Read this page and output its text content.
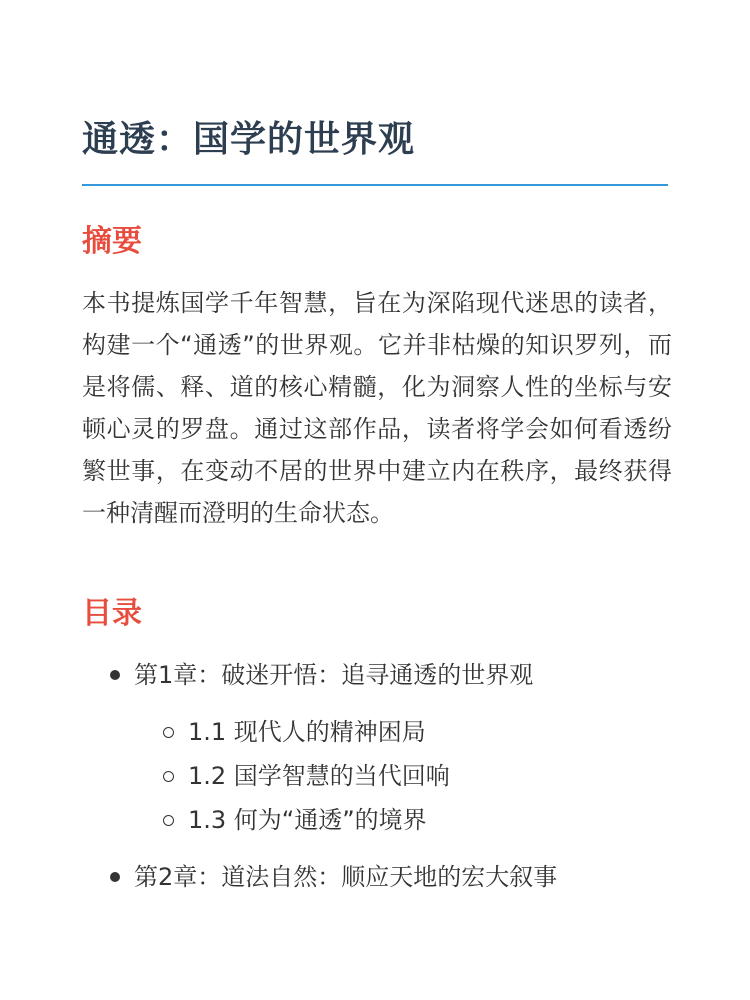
通透：国学的世界观
摘要

本书提炼国学千年智慧，旨在为深陷现代迷思的读者，构建一个“通透”的世界观。它并非枯燥的知识罗列，而是将儒、释、道的核心精髓，化为洞察人性的坐标与安顿心灵的罗盘。通过这部作品，读者将学会如何看透纷繁世事，在变动不居的世界中建立内在秩序，最终获得一种清醒而澄明的生命状态。

目录
第1章：破迷开悟：追寻通透的世界观
1.1 现代人的精神困局
1.2 国学智慧的当代回响
1.3 何为“通透”的境界
第2章：道法自然：顺应天地的宏大叙事
